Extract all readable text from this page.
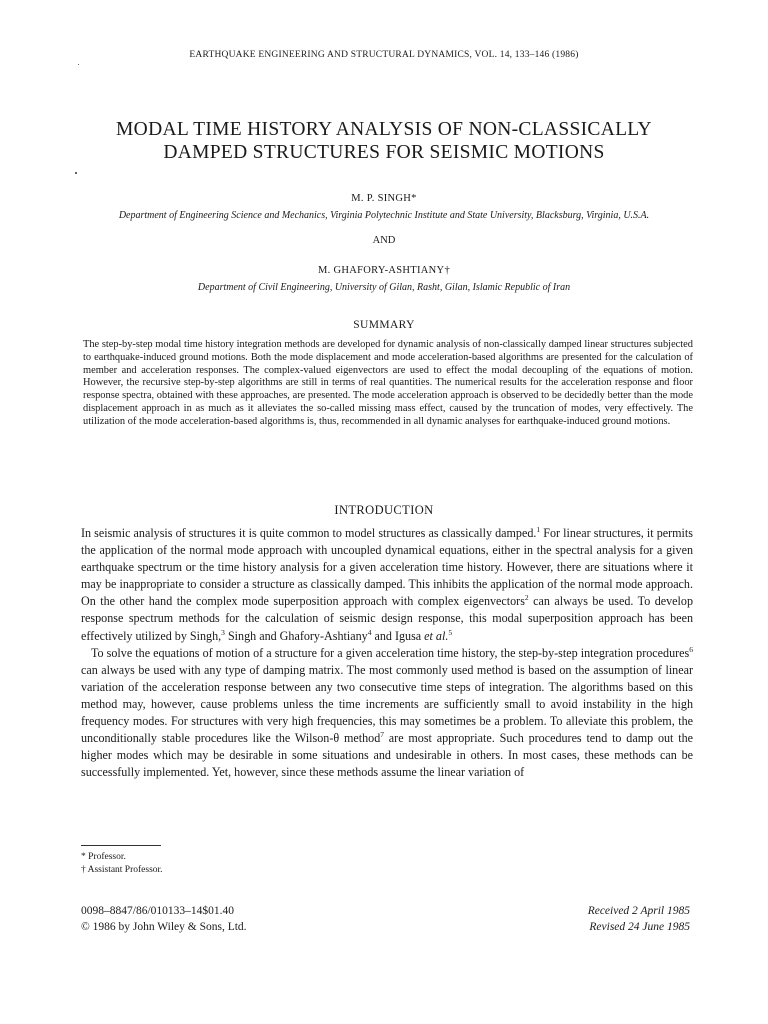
EARTHQUAKE ENGINEERING AND STRUCTURAL DYNAMICS, VOL. 14, 133–146 (1986)
MODAL TIME HISTORY ANALYSIS OF NON-CLASSICALLY
DAMPED STRUCTURES FOR SEISMIC MOTIONS
M. P. SINGH*
Department of Engineering Science and Mechanics, Virginia Polytechnic Institute and State University, Blacksburg, Virginia, U.S.A.
AND
M. GHAFORY-ASHTIANY†
Department of Civil Engineering, University of Gilan, Rasht, Gilan, Islamic Republic of Iran
SUMMARY
The step-by-step modal time history integration methods are developed for dynamic analysis of non-classically damped linear structures subjected to earthquake-induced ground motions. Both the mode displacement and mode acceleration-based algorithms are presented for the calculation of member and acceleration responses. The complex-valued eigenvectors are used to effect the modal decoupling of the equations of motion. However, the recursive step-by-step algorithms are still in terms of real quantities. The numerical results for the acceleration response and floor response spectra, obtained with these approaches, are presented. The mode acceleration approach is observed to be decidedly better than the mode displacement approach in as much as it alleviates the so-called missing mass effect, caused by the truncation of modes, very effectively. The utilization of the mode acceleration-based algorithms is, thus, recommended in all dynamic analyses for earthquake-induced ground motions.
INTRODUCTION

In seismic analysis of structures it is quite common to model structures as classically damped.$^1$ For linear structures, it permits the application of the normal mode approach with uncoupled dynamical equations, either in the spectral analysis for a given earthquake spectrum or the time history analysis for a given acceleration time history. However, there are situations where it may be inappropriate to consider a structure as classically damped. This inhibits the application of the normal mode approach. On the other hand the complex mode superposition approach with complex eigenvectors$^2$ can always be used. To develop response spectrum methods for the calculation of seismic design response, this modal superposition approach has been effectively utilized by Singh,$^3$ Singh and Ghafory-Ashtiany$^4$ and Igusa et al.$^5$

To solve the equations of motion of a structure for a given acceleration time history, the step-by-step integration procedures$^6$ can always be used with any type of damping matrix. The most commonly used method is based on the assumption of linear variation of the acceleration response between any two consecutive time steps of integration. The algorithms based on this method may, however, cause problems unless the time increments are sufficiently small to avoid instability in the high frequency modes. For structures with very high frequencies, this may sometimes be a problem. To alleviate this problem, the unconditionally stable procedures like the Wilson-θ method$^7$ are most appropriate. Such procedures tend to damp out the higher modes which may be desirable in some situations and undesirable in others. In most cases, these methods can be successfully implemented. Yet, however, since these methods assume the linear variation of

* Professor.
† Assistant Professor.
0098–8847/86/010133–14$01.40
© 1986 by John Wiley & Sons, Ltd.
Received 2 April 1985
Revised 24 June 1985
